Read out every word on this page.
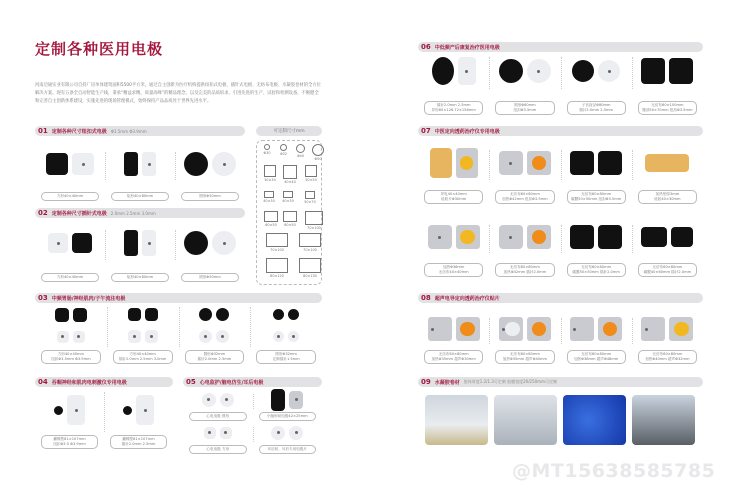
定制各种医用电极
河南迈通实业有限公司自持厂房单体建筑面积5500平方米，通过自主创新为医疗机构提供纽扣式电极、插针式电极、无纺布电极、水凝胶卷材的全方位解决方案。现有五条全自动智能生产线，秉承“精益求精，质量高峰”的精品理念，以及完美的品质诉求，引进先进的生产、试验和检测设备，不断健全和完善自主创新体系建设，实施先进的现场管理模式，始终保持产品品质处于世界先进水平。
可定制尺寸mm
Φ30	Φ32	Φ40
Φ50
30×30	40×40	50×50
40×30	40×30	50×70
60×50	60×50
70×100
70×100	70×100
80×120	80×130
@MT15638585785
01 定制各种尺寸纽扣式电极 Φ3.5mm Φ3.9mm
方形40×40mm	矩形40×80mm	圆形Φ50mm
02 定制各种尺寸插针式电极 2.0mm 2.5mm 3.0mm
方形40×40mm	矩形40×80mm	圆形Φ50mm
03 中频胃肠/神经肌肉/子午流注电极
方形40×40mm
纽扣Φ3.5mm Φ3.9mm
方形40×40mm
插针2.0mm 2.5mm 3.0mm
圆形Φ32mm
插针2.0mm 2.5mm
圆形Φ32mm
定制插针1.5mm
04 吞咽神经和肌肉电刺激仪专用电极
蝴蝶型81×107mm
纽扣Φ3.5 Φ3.9mm
蝴蝶型81×107mm
插针2.0mm 2.5mm
05 心电监护/脑电仿生/耳后电极
心电电极 圆形	小脑形贴电极42×25mm
心电电极 方形	耳后贴、耳后专用电极片
06 中低频产后康复治疗医用电极
插针2.0mm 2.5mm
异形60×126.72×156mm
圆形Φ60mm
纽扣Φ3.5mm
子宫直径Φ80mm
插针2.0mm 2.5mm
无纺布60×100mm
腹部50×70mm 纽扣Φ3.5mm
07 中医定向透药治疗仪专用电极
导电40×40mm
硅胶片Φ30mm
无纺布60×80mm
加热Φ42mm 纽扣Φ3.5mm
无纺布60×80mm
碳膜50×50mm 纽扣Φ3.5mm
加热垫厚3mm
硅胶40×30mm
加热Φ36mm
无纺布40×40mm
无纺布60×80mm
加热Φ42mm 插针2.0mm
无纺布60×80mm
碳膜50×50mm 插针2.0mm
无纺布60×80mm
碳膜40×60mm 插针2.0mm
08 超声电导定向透药治疗仪贴片
无纺布60×80mm
加热Φ35mm 超声Φ30mm
无纺布60×80mm
加热Φ35mm 超声Φ40mm
无纺布60×80mm
加热Φ38mm 超声Φ48mm
无纺布60×80mm
加热Φ40mm 超声Φ32mm
09 水凝胶卷材 胶体厚度1.2/1.3可定制 胶膜宽度20/250mm可定制
